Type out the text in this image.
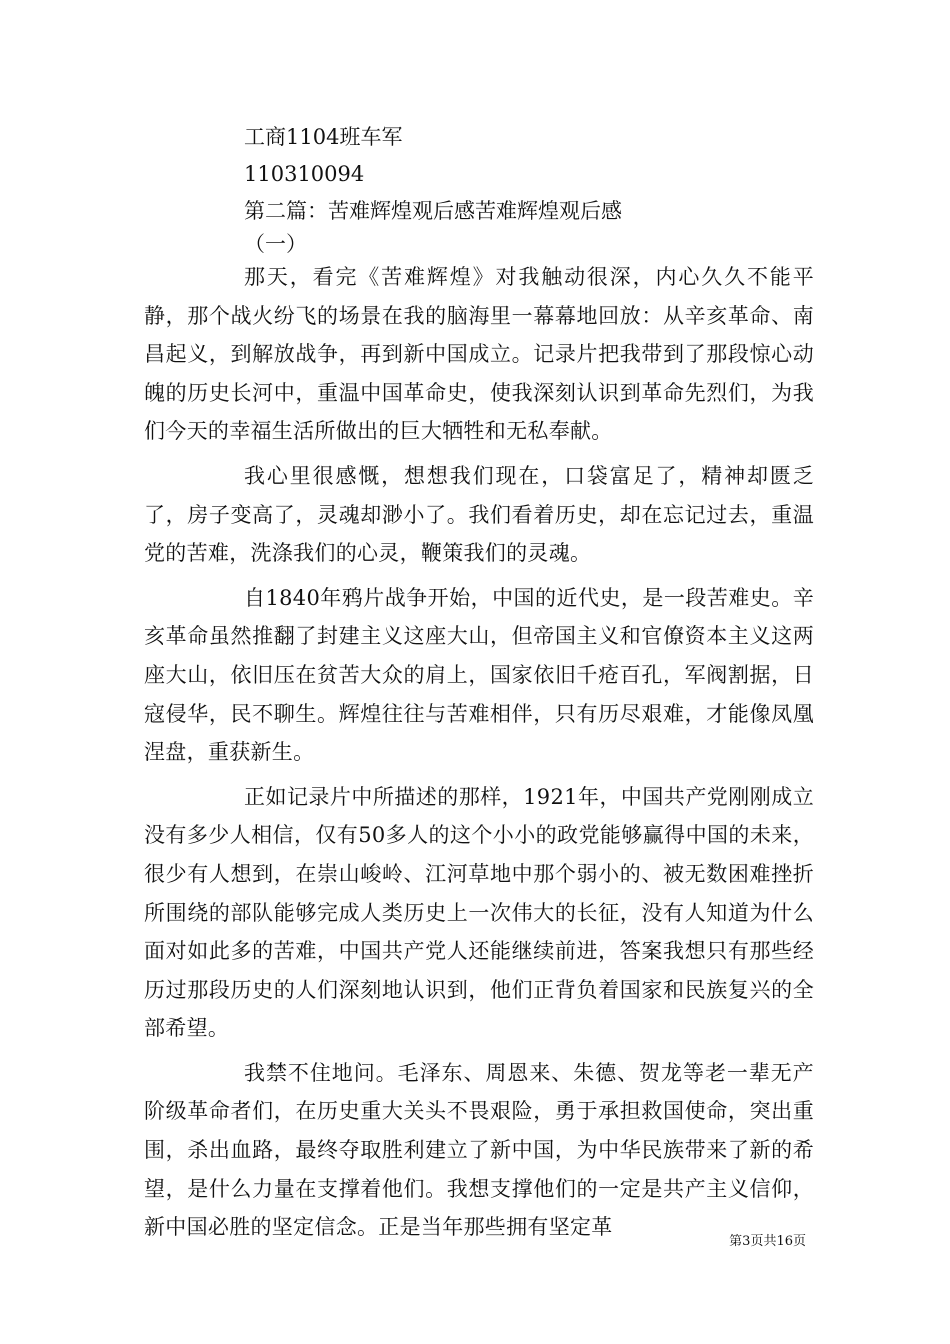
工商1104班车军
110310094
第二篇：苦难辉煌观后感苦难辉煌观后感
（一）

那天，看完《苦难辉煌》对我触动很深，内心久久不能平静，那个战火纷飞的场景在我的脑海里一幕幕地回放：从辛亥革命、南昌起义，到解放战争，再到新中国成立。记录片把我带到了那段惊心动魄的历史长河中，重温中国革命史，使我深刻认识到革命先烈们，为我们今天的幸福生活所做出的巨大牺牲和无私奉献。

我心里很感慨，想想我们现在，口袋富足了，精神却匮乏了，房子变高了，灵魂却渺小了。我们看着历史，却在忘记过去，重温党的苦难，洗涤我们的心灵，鞭策我们的灵魂。

自1840年鸦片战争开始，中国的近代史，是一段苦难史。辛亥革命虽然推翻了封建主义这座大山，但帝国主义和官僚资本主义这两座大山，依旧压在贫苦大众的肩上，国家依旧千疮百孔，军阀割据，日寇侵华，民不聊生。辉煌往往与苦难相伴，只有历尽艰难，才能像凤凰涅盘，重获新生。

正如记录片中所描述的那样，1921年，中国共产党刚刚成立没有多少人相信，仅有50多人的这个小小的政党能够赢得中国的未来，很少有人想到，在崇山峻岭、江河草地中那个弱小的、被无数困难挫折所围绕的部队能够完成人类历史上一次伟大的长征，没有人知道为什么面对如此多的苦难，中国共产党人还能继续前进，答案我想只有那些经历过那段历史的人们深刻地认识到，他们正背负着国家和民族复兴的全部希望。

我禁不住地问。毛泽东、周恩来、朱德、贺龙等老一辈无产阶级革命者们，在历史重大关头不畏艰险，勇于承担救国使命，突出重围，杀出血路，最终夺取胜利建立了新中国，为中华民族带来了新的希望，是什么力量在支撑着他们。我想支撑他们的一定是共产主义信仰，新中国必胜的坚定信念。正是当年那些拥有坚定革

第3页共16页
